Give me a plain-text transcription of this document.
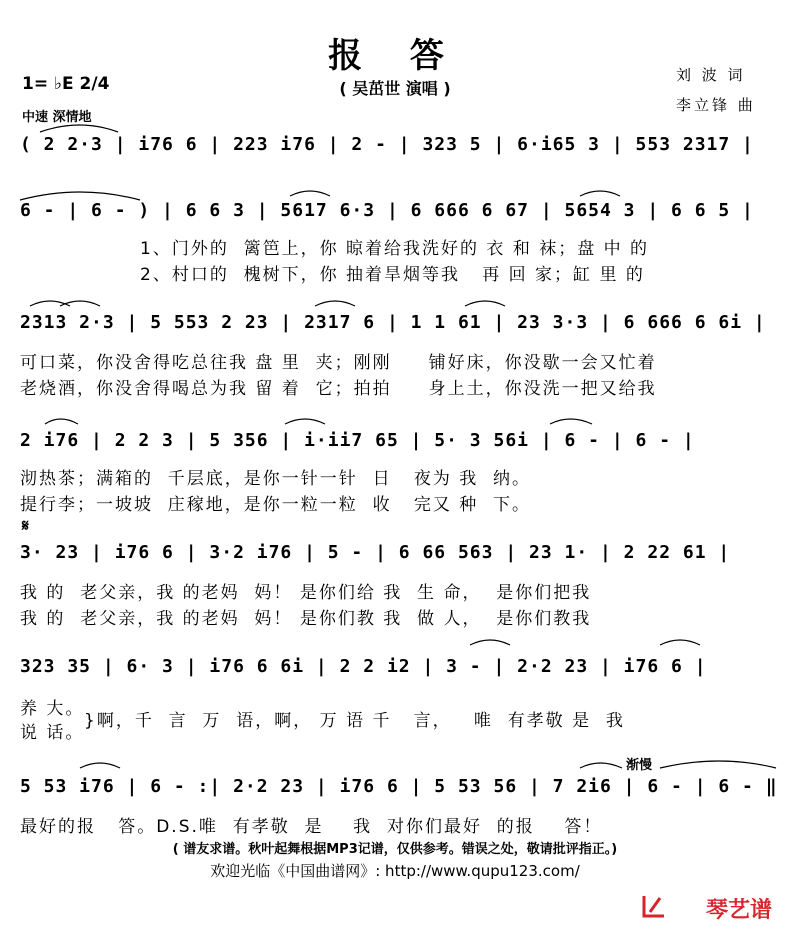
报 答
( 吴茁世 演唱 )
刘 波 词
李立锋 曲
1= ♭E 2/4
中速 深情地
( 2 2·3 | i76 6 | 223 i76 | 2 - | 323 5 | 6·i65 3 | 553 2317 |
6 - | 6 - ) | 6 6 3 | 5617 6·3 | 6 666 6 67 | 5654 3 | 6 6 5 |
1、门外的  篱笆上，你 晾着给我洗好的 衣 和 袜；盘 中 的
2、村口的  槐树下，你 抽着旱烟等我   再 回 家；缸 里 的
2313 2·3 | 5 553 2 23 | 2317 6 | 1 1 61 | 23 3·3 | 6 666 6 6i |
可口菜，你没舍得吃总往我 盘 里  夹；刚刚     铺好床，你没歇一会又忙着
老烧酒，你没舍得喝总为我 留 着  它；拍拍     身上土，你没洗一把又给我
2 i76 | 2 2 3 | 5 356 | i·ii7 65 | 5· 3 56i | 6 - | 6 - |
沏热茶；满箱的  千层底，是你一针一针  日   夜为 我  纳。
提行李；一坡坡  庄稼地，是你一粒一粒  收   完又 种  下。
𝄋
3· 23 | i76 6 | 3·2 i76 | 5 - | 6 66 563 | 23 1· | 2 22 61 |
我 的  老父亲，我 的老妈  妈！ 是你们给 我  生 命，  是你们把我
我 的  老父亲，我 的老妈  妈！ 是你们教 我  做 人，  是你们教我
323 35 | 6· 3 | i76 6 6i | 2 2 i2 | 3 - | 2·2 23 | i76 6 |
养 大。
说 话。
}啊，千  言  万  语，啊， 万 语 千   言，   唯  有孝敬 是  我
渐慢
5 53 i76 | 6 - :| 2·2 23 | i76 6 | 5 53 56 | 7 2i6 | 6 - | 6 - ‖
最好的报   答。D.S.唯  有孝敬  是    我  对你们最好  的报    答！
( 谱友求谱。秋叶起舞根据MP3记谱，仅供参考。错误之处，敬请批评指正。)
欢迎光临《中国曲谱网》: http://www.qupu123.com/
琴艺谱
